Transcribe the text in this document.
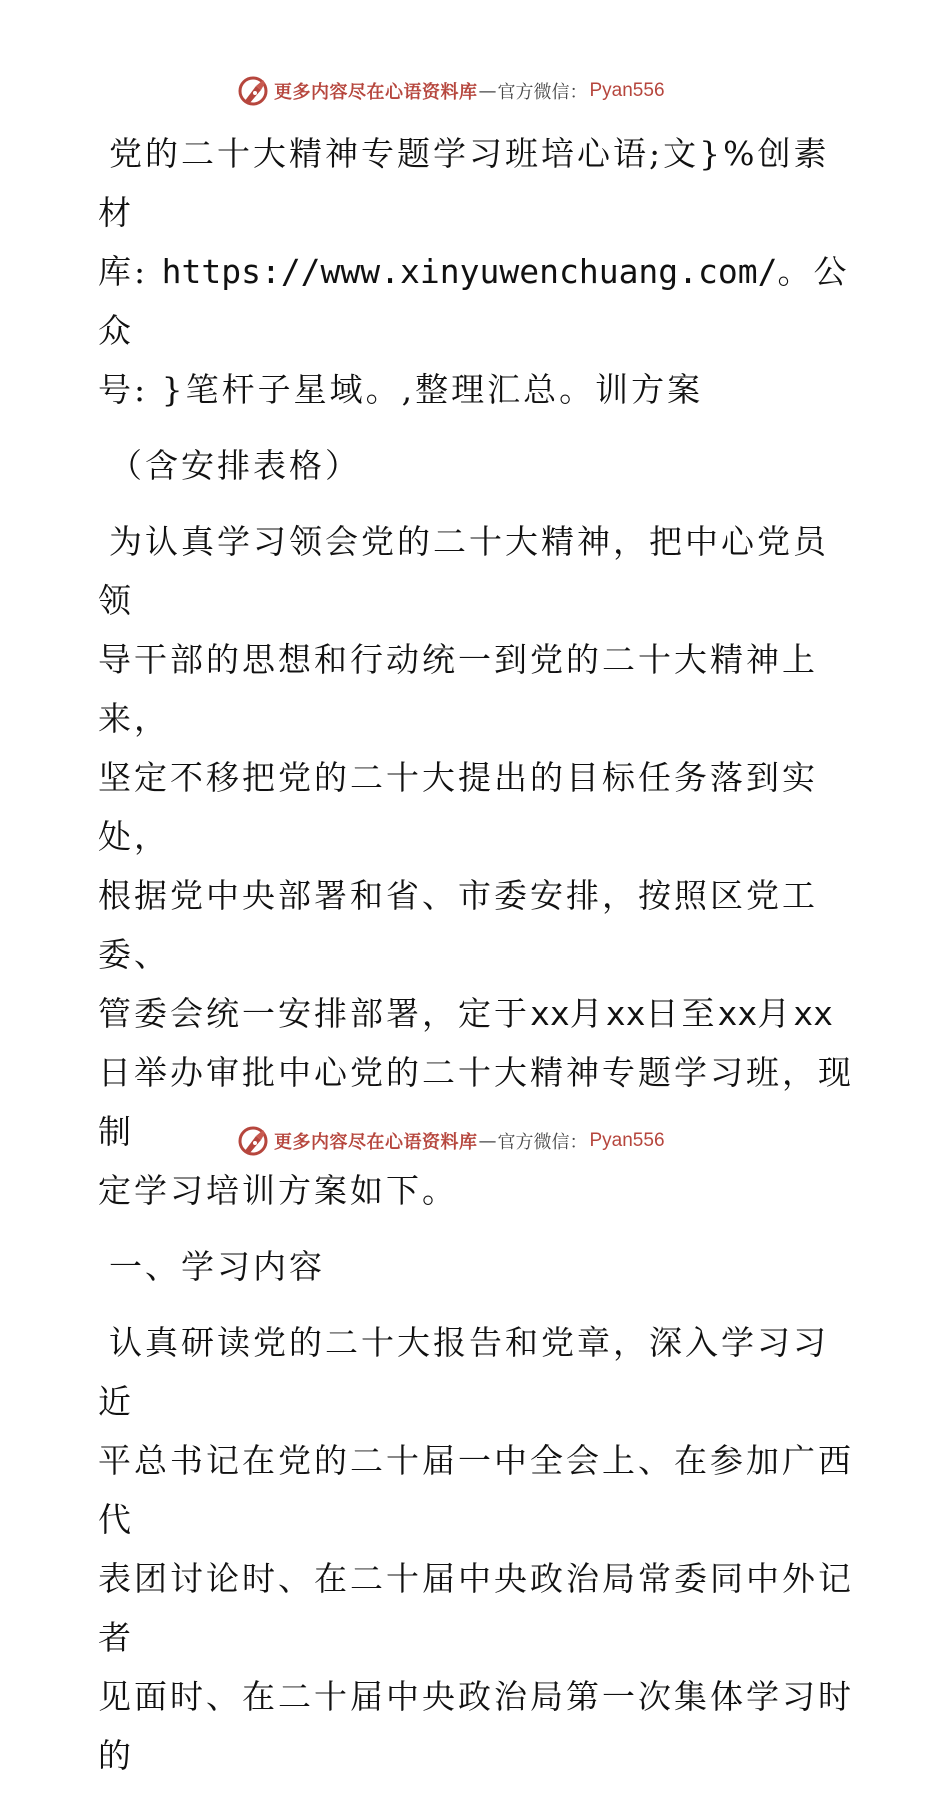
更多内容尽在心语资料库 — 官方微信： Pyan556
党的二十大精神专题学习班培心语;文}%创素材
库: https://www.xinyuwenchuang.com/。公众
号: }笔杆子星域。,整理汇总。训方案
（含安排表格）
为认真学习领会党的二十大精神，把中心党员领
导干部的思想和行动统一到党的二十大精神上来，
坚定不移把党的二十大提出的目标任务落到实处，
根据党中央部署和省、市委安排，按照区党工委、
管委会统一安排部署，定于xx月xx日至xx月xx
日举办审批中心党的二十大精神专题学习班，现制
定学习培训方案如下。
一、学习内容
认真研读党的二十大报告和党章，深入学习习近
平总书记在党的二十届一中全会上、在参加广西代
表团讨论时、在二十届中央政治局常委同中外记者
见面时、在二十届中央政治局第一次集体学习时的
更多内容尽在心语资料库 — 官方微信： Pyan556
